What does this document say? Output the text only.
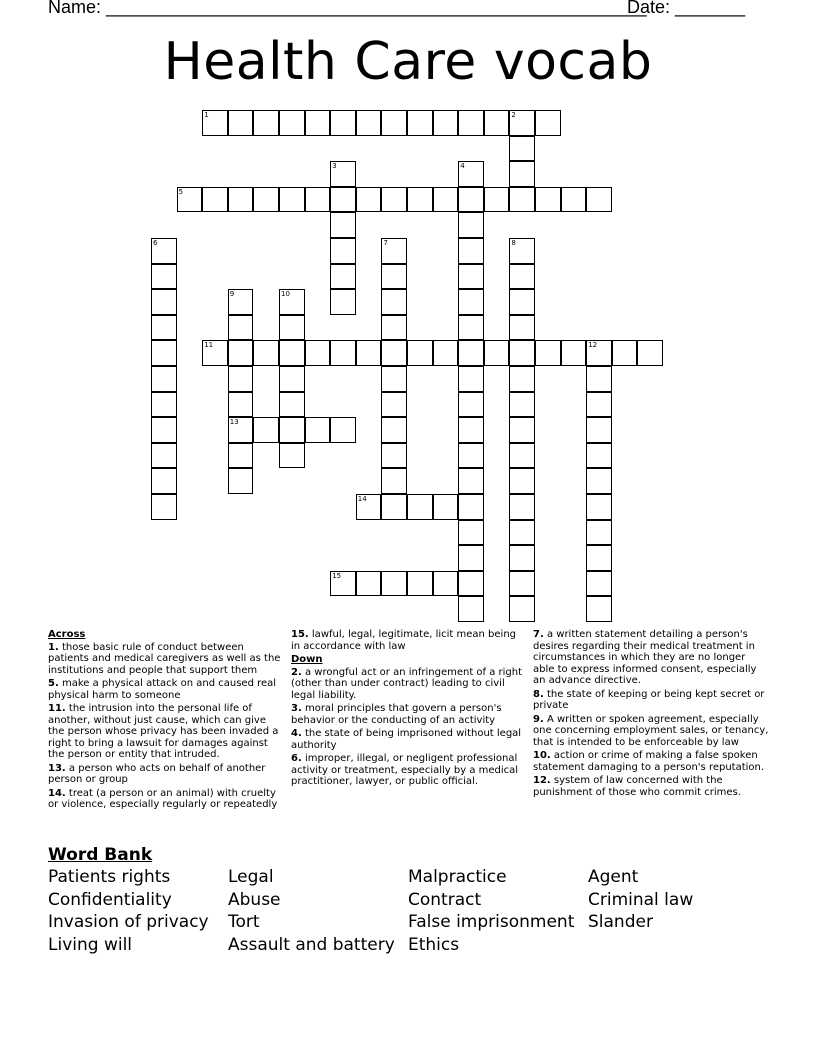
Name: ______________________________________________________
Date: _______
Health Care vocab
1	2
3	4
5
6	7	8
9
13
10
11	12
14
15
Across
1. those basic rule of conduct between patients and medical caregivers as well as the institutions and people that support them
5. make a physical attack on and caused real physical harm to someone
11. the intrusion into the personal life of another, without just cause, which can give the person whose privacy has been invaded a right to bring a lawsuit for damages against the person or entity that intruded.
13. a person who acts on behalf of another person or group
14. treat (a person or an animal) with cruelty or violence, especially regularly or repeatedly
15. lawful, legal, legitimate, licit mean being in accordance with law
Down
2. a wrongful act or an infringement of a right (other than under contract) leading to civil legal liability.
3. moral principles that govern a person's behavior or the conducting of an activity
4. the state of being imprisoned without legal authority
6. improper, illegal, or negligent professional activity or treatment, especially by a medical practitioner, lawyer, or public official.
7. a written statement detailing a person's desires regarding their medical treatment in circumstances in which they are no longer able to express informed consent, especially an advance directive.
8. the state of keeping or being kept secret or private
9. A written or spoken agreement, especially one concerning employment sales, or tenancy, that is intended to be enforceable by law
10. action or crime of making a false spoken statement damaging to a person's reputation.
12. system of law concerned with the punishment of those who commit crimes.
Word Bank
Patients rights
Confidentiality
Invasion of privacy
Living will
Legal
Abuse
Tort
Assault and battery
Malpractice
Contract
False imprisonment
Ethics
Agent
Criminal law
Slander
